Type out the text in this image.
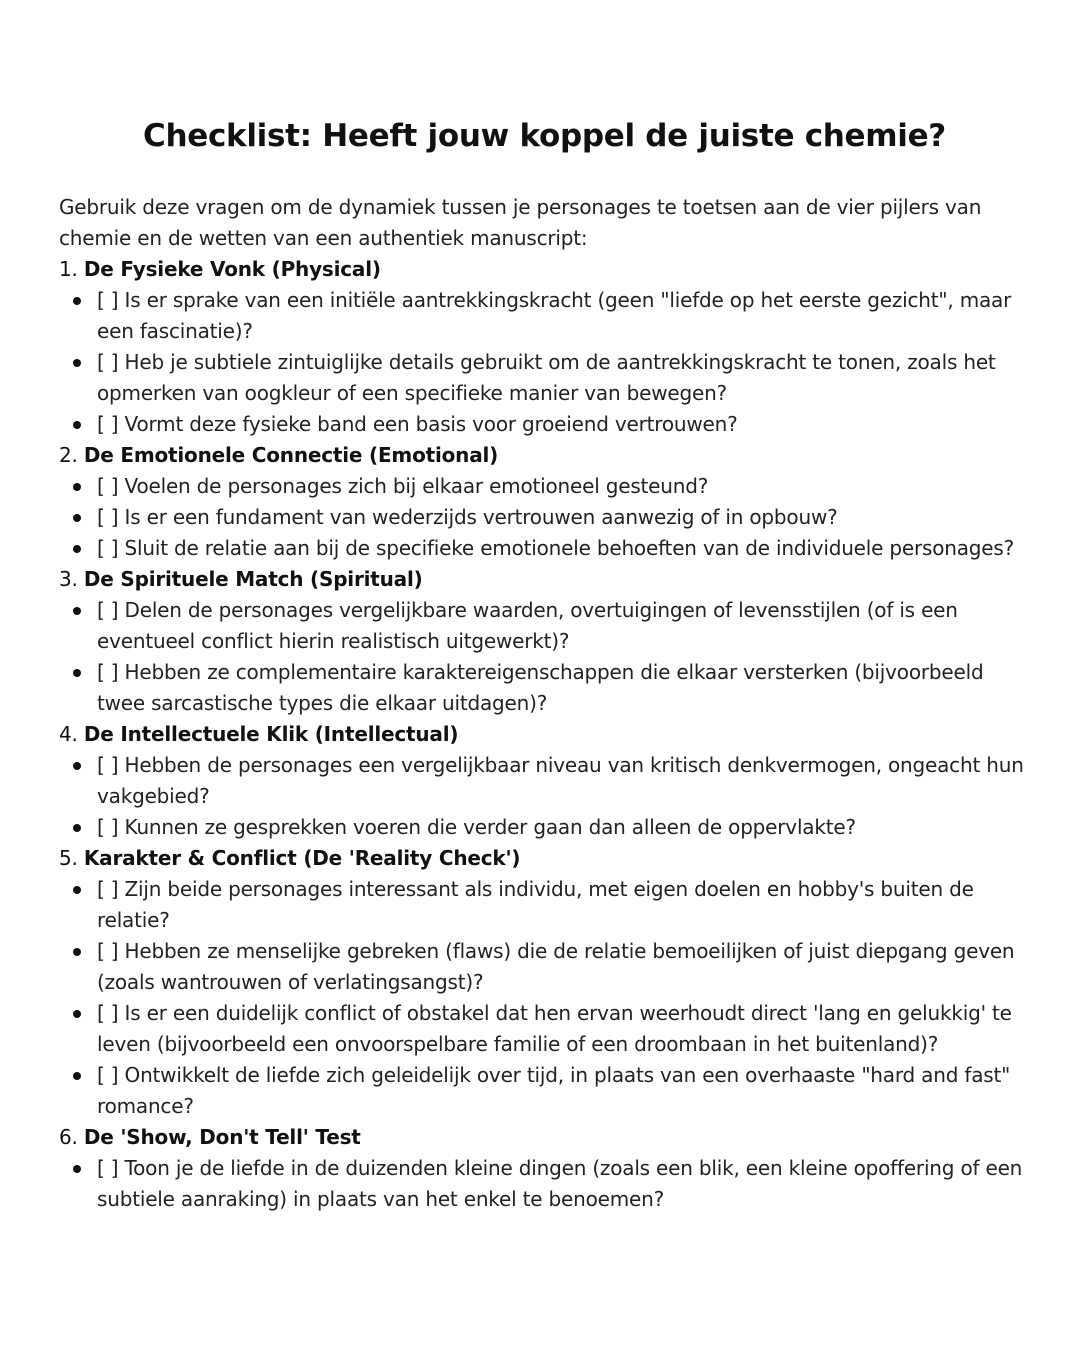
Checklist: Heeft jouw koppel de juiste chemie?

Gebruik deze vragen om de dynamiek tussen je personages te toetsen aan de vier pijlers van chemie en de wetten van een authentiek manuscript:

1. De Fysieke Vonk (Physical)
[ ] Is er sprake van een initiële aantrekkingskracht (geen "liefde op het eerste gezicht", maar een fascinatie)?
[ ] Heb je subtiele zintuiglijke details gebruikt om de aantrekkingskracht te tonen, zoals het opmerken van oogkleur of een specifieke manier van bewegen?
[ ] Vormt deze fysieke band een basis voor groeiend vertrouwen?
2. De Emotionele Connectie (Emotional)
[ ] Voelen de personages zich bij elkaar emotioneel gesteund?
[ ] Is er een fundament van wederzijds vertrouwen aanwezig of in opbouw?
[ ] Sluit de relatie aan bij de specifieke emotionele behoeften van de individuele personages?
3. De Spirituele Match (Spiritual)
[ ] Delen de personages vergelijkbare waarden, overtuigingen of levensstijlen (of is een eventueel conflict hierin realistisch uitgewerkt)?
[ ] Hebben ze complementaire karaktereigenschappen die elkaar versterken (bijvoorbeeld twee sarcastische types die elkaar uitdagen)?
4. De Intellectuele Klik (Intellectual)
[ ] Hebben de personages een vergelijkbaar niveau van kritisch denkvermogen, ongeacht hun vakgebied?
[ ] Kunnen ze gesprekken voeren die verder gaan dan alleen de oppervlakte?
5. Karakter & Conflict (De 'Reality Check')
[ ] Zijn beide personages interessant als individu, met eigen doelen en hobby's buiten de relatie?
[ ] Hebben ze menselijke gebreken (flaws) die de relatie bemoeilijken of juist diepgang geven (zoals wantrouwen of verlatingsangst)?
[ ] Is er een duidelijk conflict of obstakel dat hen ervan weerhoudt direct 'lang en gelukkig' te leven (bijvoorbeeld een onvoorspelbare familie of een droombaan in het buitenland)?
[ ] Ontwikkelt de liefde zich geleidelijk over tijd, in plaats van een overhaaste "hard and fast" romance?
6. De 'Show, Don't Tell' Test
[ ] Toon je de liefde in de duizenden kleine dingen (zoals een blik, een kleine opoffering of een subtiele aanraking) in plaats van het enkel te benoemen?
